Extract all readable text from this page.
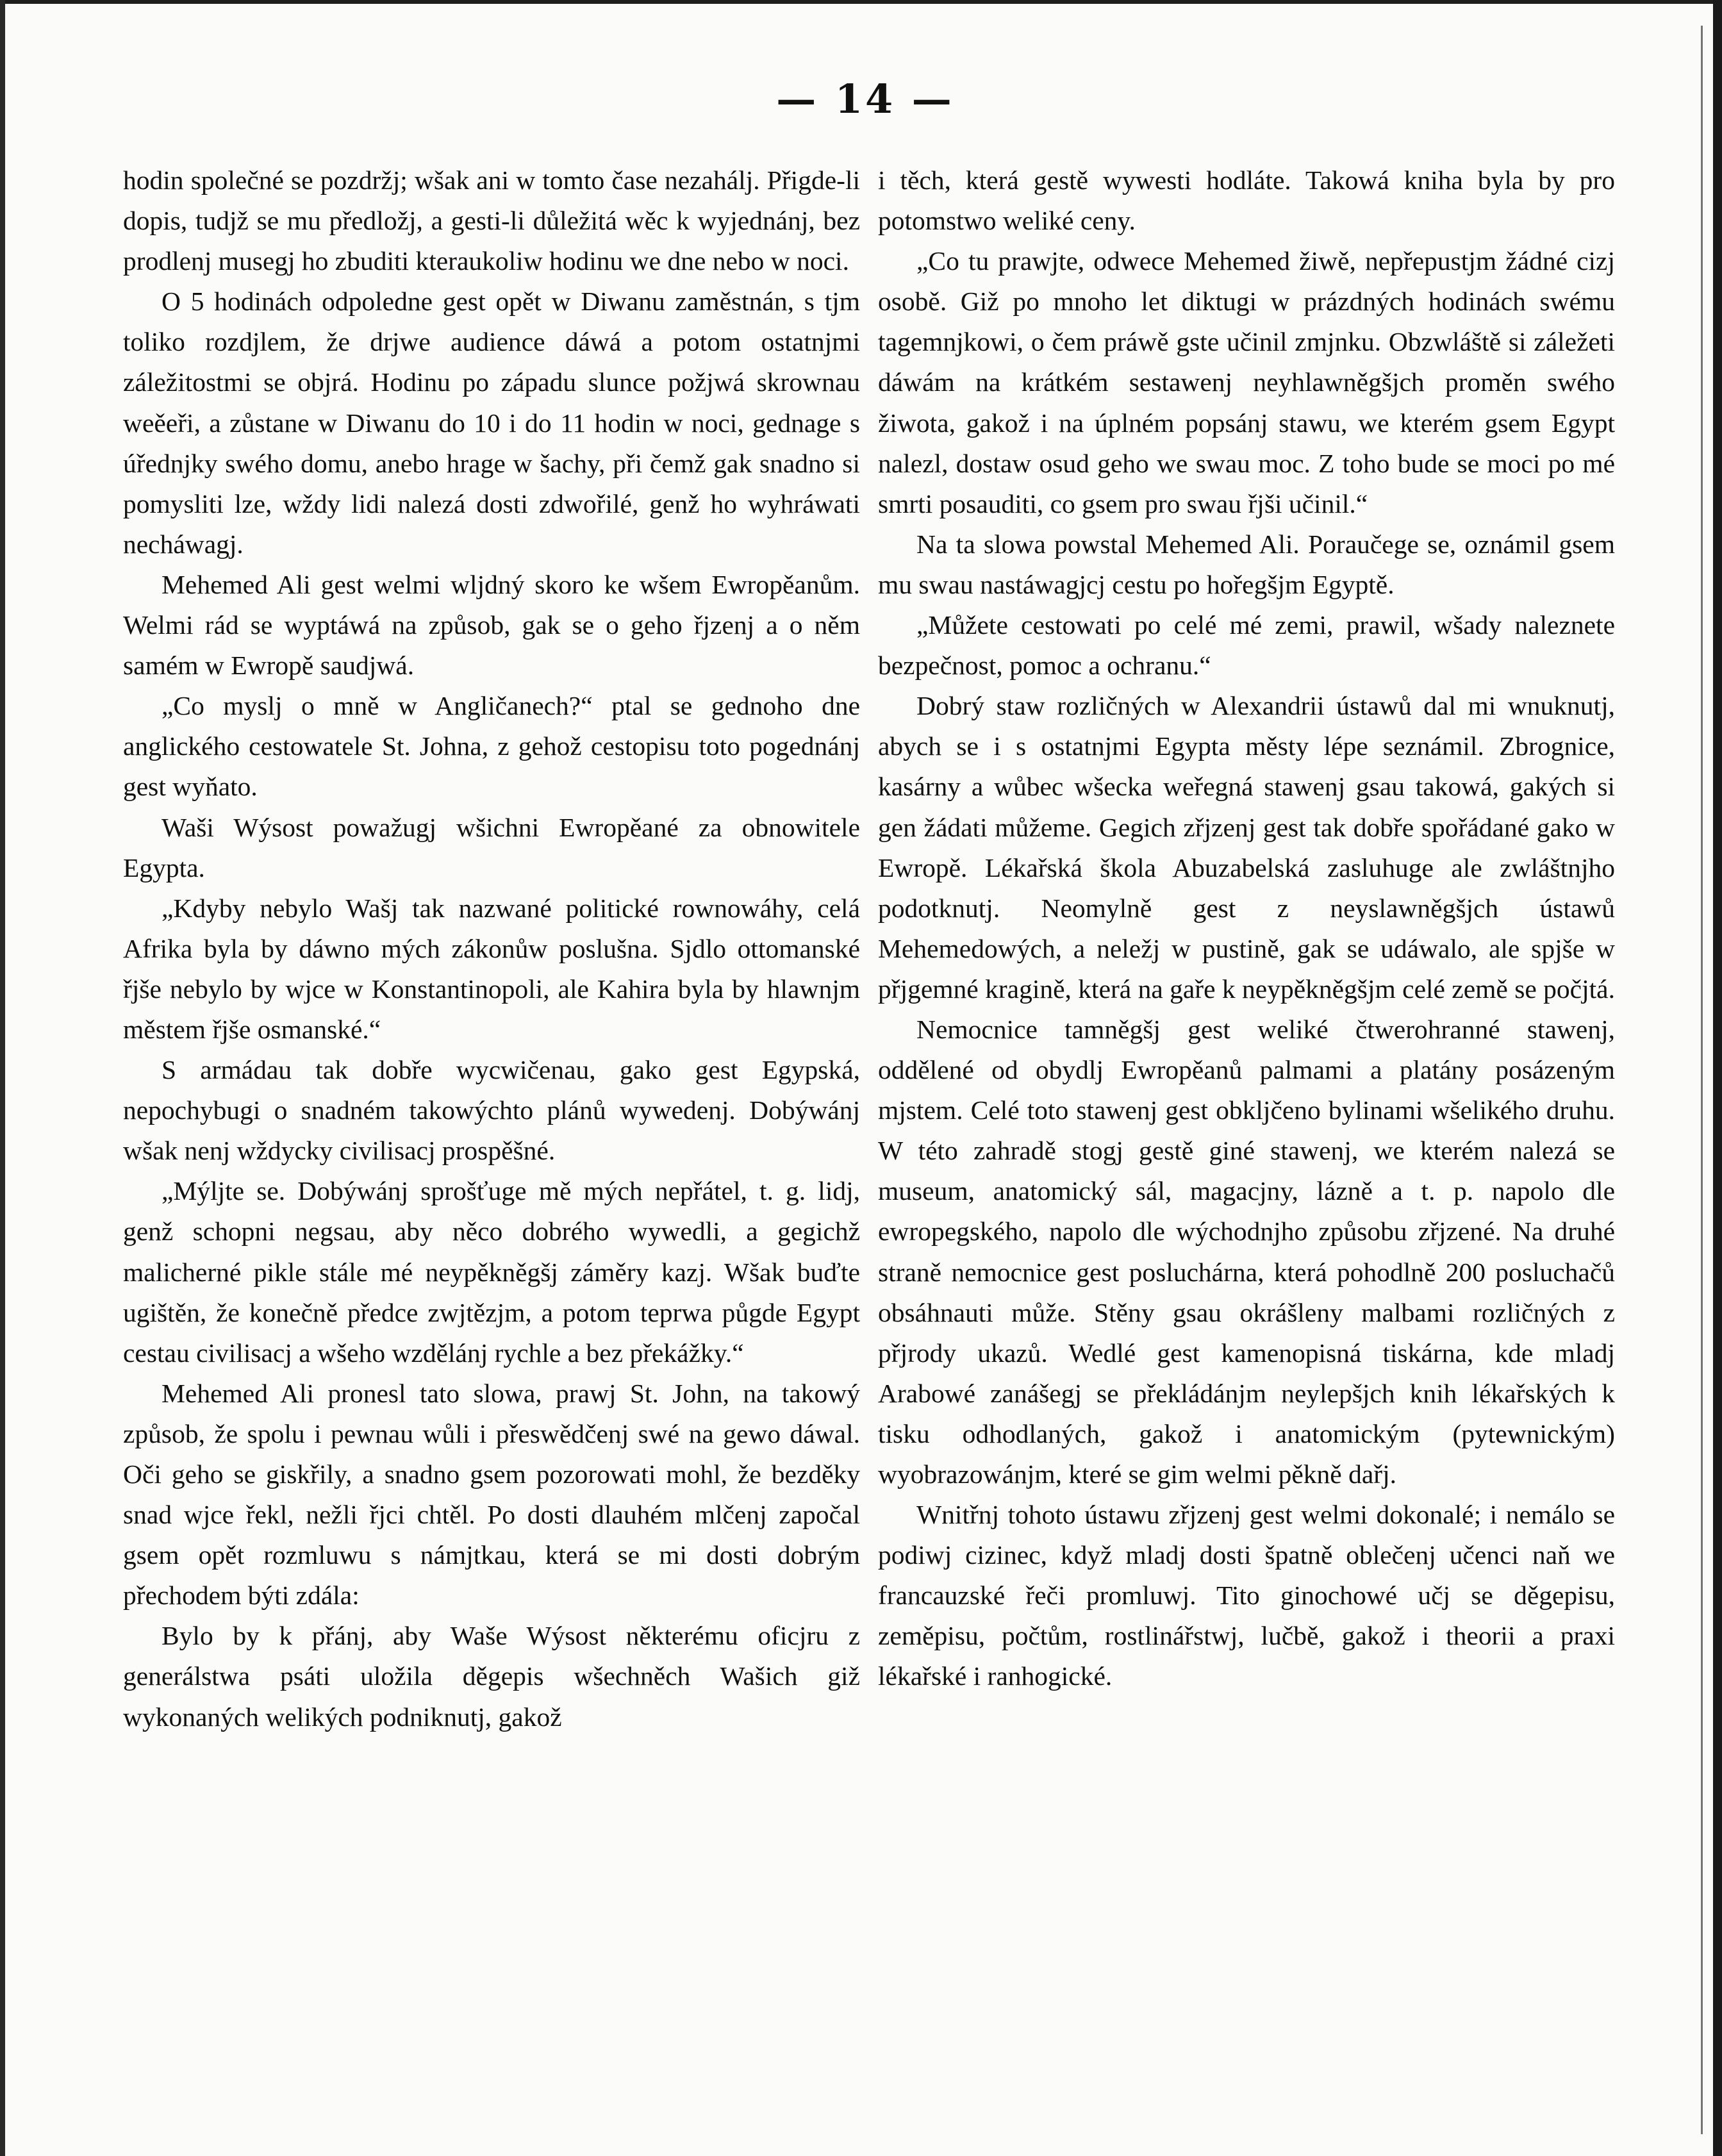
— 14 —

hodin společné se pozdržj; wšak ani w tomto čase nezahálj. Přigde-li dopis, tudjž se mu předložj, a gesti-li důležitá wěc k wyjednánj, bez prodlenj musegj ho zbuditi kteraukoliw hodinu we dne nebo w noci.

O 5 hodinách odpoledne gest opět w Diwanu zaměstnán, s tjm toliko rozdjlem, že drjwe audience dáwá a potom ostatnjmi záležitostmi se objrá. Hodinu po západu slunce požjwá skrownau weěeři, a zůstane w Diwanu do 10 i do 11 hodin w noci, gednage s úřednjky swého domu, anebo hrage w šachy, při čemž gak snadno si pomysliti lze, wždy lidi nalezá dosti zdwořilé, genž ho wyhráwati necháwagj.

Mehemed Ali gest welmi wljdný skoro ke wšem Ewropěanům. Welmi rád se wyptáwá na způsob, gak se o geho řjzenj a o něm samém w Ewropě saudjwá.

„Co myslj o mně w Angličanech?“ ptal se gednoho dne anglického cestowatele St. Johna, z gehož cestopisu toto pogednánj gest wyňato.

Waši Wýsost powažugj wšichni Ewropěané za obnowitele Egypta.

„Kdyby nebylo Wašj tak nazwané politické rownowáhy, celá Afrika byla by dáwno mých zákonůw poslušna. Sjdlo ottomanské řjše nebylo by wjce w Konstantinopoli, ale Kahira byla by hlawnjm městem řjše osmanské.“

S armádau tak dobře wycwičenau, gako gest Egypská, nepochybugi o snadném takowýchto plánů wywedenj. Dobýwánj wšak nenj wždycky civilisacj prospěšné.

„Mýljte se. Dobýwánj sprošťuge mě mých nepřátel, t. g. lidj, genž schopni negsau, aby něco dobrého wywedli, a gegichž malicherné pikle stále mé neypěkněgšj záměry kazj. Wšak buďte ugištěn, že konečně předce zwjtězjm, a potom teprwa půgde Egypt cestau civilisacj a wšeho wzdělánj rychle a bez překážky.“

Mehemed Ali pronesl tato slowa, prawj St. John, na takowý způsob, že spolu i pewnau wůli i přeswědčenj swé na gewo dáwal. Oči geho se giskřily, a snadno gsem pozorowati mohl, že bezděky snad wjce řekl, nežli řjci chtěl. Po dosti dlauhém mlčenj započal gsem opět rozmluwu s námjtkau, která se mi dosti dobrým přechodem býti zdála:

Bylo by k přánj, aby Waše Wýsost některému oficjru z generálstwa psáti uložila děgepis wšechněch Wašich giž wykonaných welikých podniknutj, gakož

i těch, která gestě wywesti hodláte. Takowá kniha byla by pro potomstwo weliké ceny.

„Co tu prawjte, odwece Mehemed žiwě, nepřepustjm žádné cizj osobě. Giž po mnoho let diktugi w prázdných hodinách swému tagemnjkowi, o čem práwě gste učinil zmjnku. Obzwláště si záležeti dáwám na krátkém sestawenj neyhlawněgšjch proměn swého žiwota, gakož i na úplném popsánj stawu, we kterém gsem Egypt nalezl, dostaw osud geho we swau moc. Z toho bude se moci po mé smrti posauditi, co gsem pro swau řjši učinil.“

Na ta slowa powstal Mehemed Ali. Poraučege se, oznámil gsem mu swau nastáwagjcj cestu po hořegšjm Egyptě.

„Můžete cestowati po celé mé zemi, prawil, wšady naleznete bezpečnost, pomoc a ochranu.“

Dobrý staw rozličných w Alexandrii ústawů dal mi wnuknutj, abych se i s ostatnjmi Egypta městy lépe seznámil. Zbrognice, kasárny a wůbec wšecka weřegná stawenj gsau takowá, gakých si gen žádati můžeme. Gegich zřjzenj gest tak dobře spořádané gako w Ewropě. Lékařská škola Abuzabelská zasluhuge ale zwláštnjho podotknutj. Neomylně gest z neyslawněgšjch ústawů Mehemedowých, a neležj w pustině, gak se udáwalo, ale spjše w přjgemné kragině, která na gaře k neypěkněgšjm celé země se počjtá.

Nemocnice tamněgšj gest weliké čtwerohranné stawenj, oddělené od obydlj Ewropěanů palmami a platány posázeným mjstem. Celé toto stawenj gest obkljčeno bylinami wšelikého druhu. W této zahradě stogj gestě giné stawenj, we kterém nalezá se museum, anatomický sál, magacjny, lázně a t. p. napolo dle ewropegského, napolo dle wýchodnjho způsobu zřjzené. Na druhé straně nemocnice gest posluchárna, která pohodlně 200 posluchačů obsáhnauti může. Stěny gsau okrášleny malbami rozličných z přjrody ukazů. Wedlé gest kamenopisná tiskárna, kde mladj Arabowé zanášegj se překládánjm neylepšjch knih lékařských k tisku odhodlaných, gakož i anatomickým (pytewnickým) wyobrazowánjm, které se gim welmi pěkně dařj.

Wnitřnj tohoto ústawu zřjzenj gest welmi dokonalé; i nemálo se podiwj cizinec, když mladj dosti špatně oblečenj učenci naň we francauzské řeči promluwj. Tito ginochowé učj se děgepisu, zeměpisu, počtům, rostlinářstwj, lučbě, gakož i theorii a praxi lékařské i ranhogické.
